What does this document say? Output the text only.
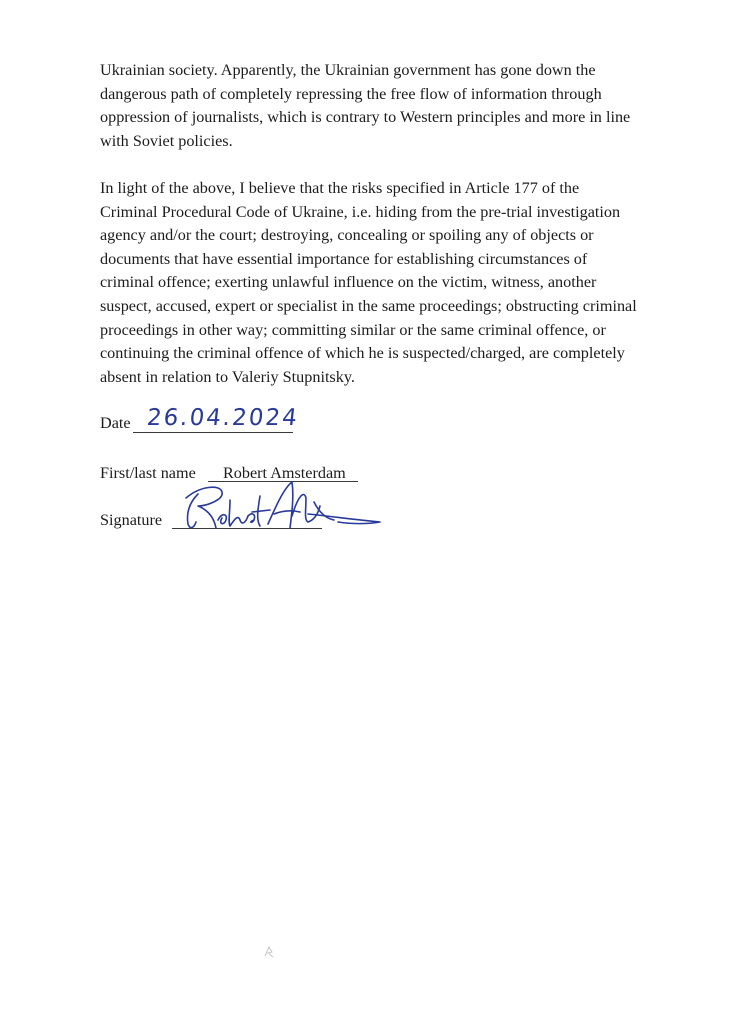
Ukrainian society. Apparently, the Ukrainian government has gone down the
dangerous path of completely repressing the free flow of information through
oppression of journalists, which is contrary to Western principles and more in line
with Soviet policies.

In light of the above, I believe that the risks specified in Article 177 of the
Criminal Procedural Code of Ukraine, i.e. hiding from the pre-trial investigation
agency and/or the court; destroying, concealing or spoiling any of objects or
documents that have essential importance for establishing circumstances of
criminal offence; exerting unlawful influence on the victim, witness, another
suspect, accused, expert or specialist in the same proceedings; obstructing criminal
proceedings in other way; committing similar or the same criminal offence, or
continuing the criminal offence of which he is suspected/charged, are completely
absent in relation to Valeriy Stupnitsky.

Date 26.04.2024
First/last name Robert Amsterdam
Signature
